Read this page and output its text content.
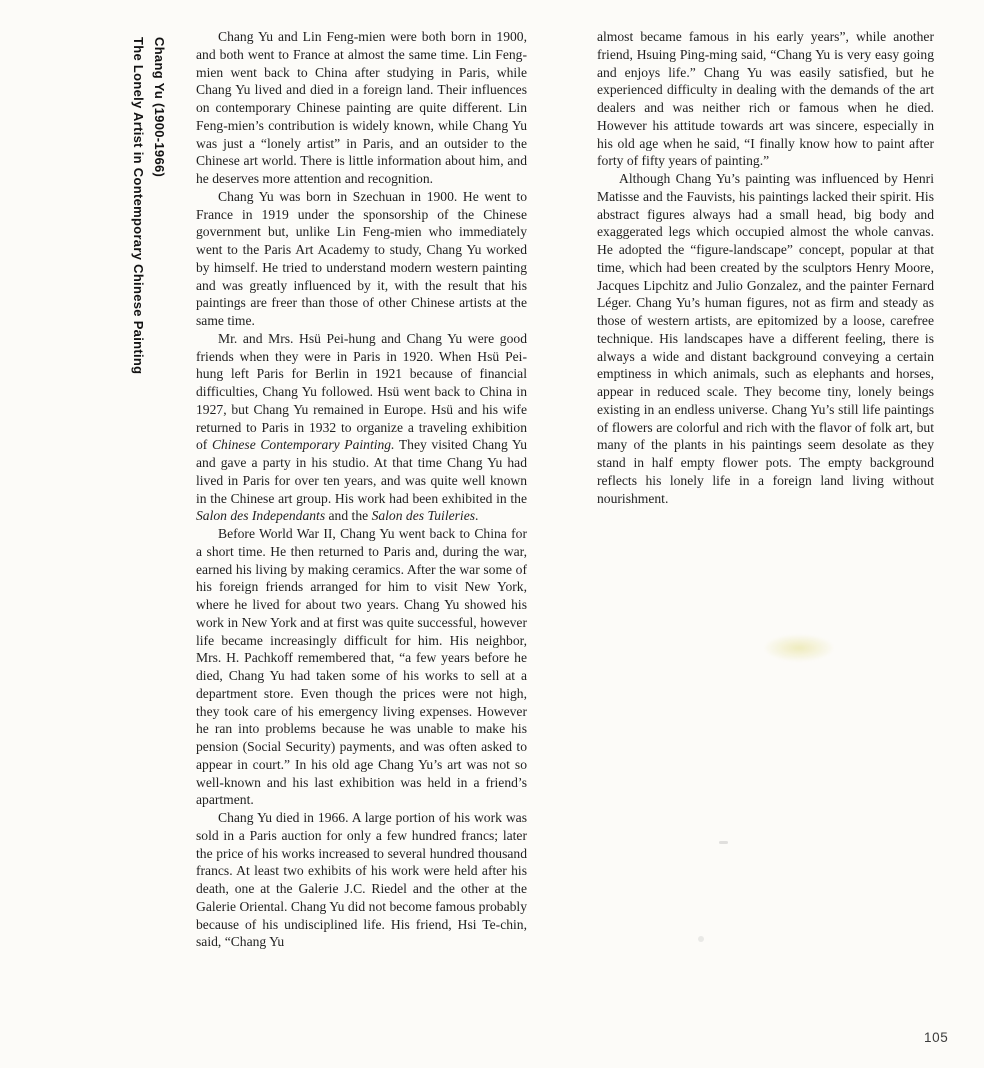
Chang Yu (1900-1966)
The Lonely Artist in Contemporary Chinese Painting

Chang Yu and Lin Feng-mien were both born in 1900, and both went to France at almost the same time. Lin Feng-mien went back to China after studying in Paris, while Chang Yu lived and died in a foreign land. Their influences on contemporary Chinese painting are quite different. Lin Feng-mien’s contribution is widely known, while Chang Yu was just a “lonely artist” in Paris, and an outsider to the Chinese art world. There is little information about him, and he deserves more attention and recognition.

Chang Yu was born in Szechuan in 1900. He went to France in 1919 under the sponsorship of the Chinese government but, unlike Lin Feng-mien who immediately went to the Paris Art Academy to study, Chang Yu worked by himself. He tried to understand modern western painting and was greatly influenced by it, with the result that his paintings are freer than those of other Chinese artists at the same time.

Mr. and Mrs. Hsü Pei-hung and Chang Yu were good friends when they were in Paris in 1920. When Hsü Pei-hung left Paris for Berlin in 1921 because of financial difficulties, Chang Yu followed. Hsü went back to China in 1927, but Chang Yu remained in Europe. Hsü and his wife returned to Paris in 1932 to organize a traveling exhibition of Chinese Contemporary Painting. They visited Chang Yu and gave a party in his studio. At that time Chang Yu had lived in Paris for over ten years, and was quite well known in the Chinese art group. His work had been exhibited in the Salon des Independants and the Salon des Tuileries.

Before World War II, Chang Yu went back to China for a short time. He then returned to Paris and, during the war, earned his living by making ceramics. After the war some of his foreign friends arranged for him to visit New York, where he lived for about two years. Chang Yu showed his work in New York and at first was quite successful, however life became increasingly difficult for him. His neighbor, Mrs. H. Pachkoff remembered that, “a few years before he died, Chang Yu had taken some of his works to sell at a department store. Even though the prices were not high, they took care of his emergency living expenses. However he ran into problems because he was unable to make his pension (Social Security) payments, and was often asked to appear in court.” In his old age Chang Yu’s art was not so well-known and his last exhibition was held in a friend’s apartment.

Chang Yu died in 1966. A large portion of his work was sold in a Paris auction for only a few hundred francs; later the price of his works increased to several hundred thousand francs. At least two exhibits of his work were held after his death, one at the Galerie J.C. Riedel and the other at the Galerie Oriental. Chang Yu did not become famous probably because of his undisciplined life. His friend, Hsi Te-chin, said, “Chang Yu

almost became famous in his early years”, while another friend, Hsuing Ping-ming said, “Chang Yu is very easy going and enjoys life.” Chang Yu was easily satisfied, but he experienced difficulty in dealing with the demands of the art dealers and was neither rich or famous when he died. However his attitude towards art was sincere, especially in his old age when he said, “I finally know how to paint after forty of fifty years of painting.”

Although Chang Yu’s painting was influenced by Henri Matisse and the Fauvists, his paintings lacked their spirit. His abstract figures always had a small head, big body and exaggerated legs which occupied almost the whole canvas. He adopted the “figure-landscape” concept, popular at that time, which had been created by the sculptors Henry Moore, Jacques Lipchitz and Julio Gonzalez, and the painter Fernard Léger. Chang Yu’s human figures, not as firm and steady as those of western artists, are epitomized by a loose, carefree technique. His landscapes have a different feeling, there is always a wide and distant background conveying a certain emptiness in which animals, such as elephants and horses, appear in reduced scale. They become tiny, lonely beings existing in an endless universe. Chang Yu’s still life paintings of flowers are colorful and rich with the flavor of folk art, but many of the plants in his paintings seem desolate as they stand in half empty flower pots. The empty background reflects his lonely life in a foreign land living without nourishment.

105
